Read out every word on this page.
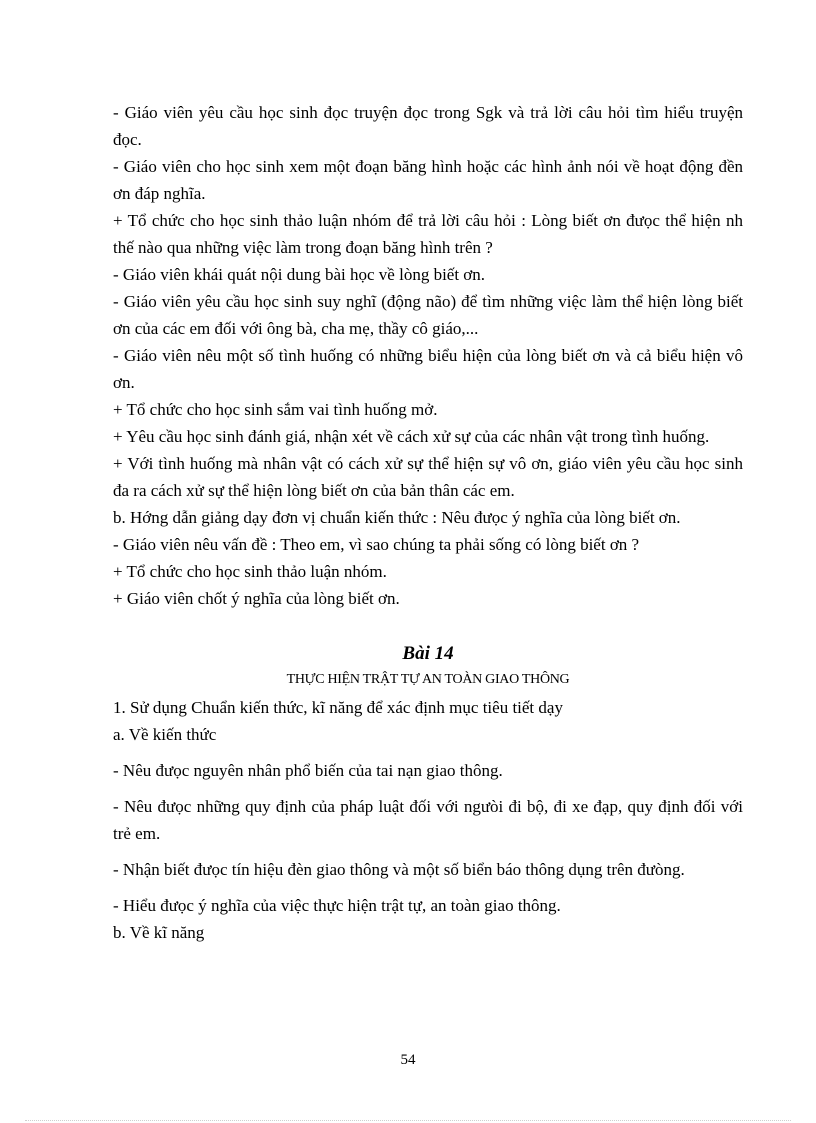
- Giáo viên yêu cầu học sinh đọc truyện đọc trong Sgk và trả lời câu hỏi tìm hiểu truyện đọc.

- Giáo viên cho học sinh xem một đoạn băng hình hoặc các hình ảnh nói về hoạt động đền ơn đáp nghĩa.

+ Tổ chức cho học sinh thảo luận nhóm để trả lời câu hỏi : Lòng biết ơn đưọc thể hiện nh thế nào qua những việc làm trong đoạn băng hình trên ?

- Giáo viên khái quát nội dung bài học về lòng biết ơn.

- Giáo viên yêu cầu học sinh suy nghĩ (động não) để tìm những việc làm thể hiện lòng biết ơn của các em đối với ông bà, cha mẹ, thầy cô giáo,...

- Giáo viên nêu một số tình huống có những biểu hiện của lòng biết ơn và cả biểu hiện vô ơn.

+ Tổ chức cho học sinh sắm vai tình huống mở.

+ Yêu cầu học sinh đánh giá, nhận xét về cách xử sự của các nhân vật trong tình huống.

+ Với tình huống mà nhân vật có cách xử sự thể hiện sự vô ơn, giáo viên yêu cầu học sinh đa ra cách xử sự thể hiện lòng biết ơn của bản thân các em.

b. Hớng dẫn giảng dạy đơn vị chuẩn kiến thức : Nêu đưọc ý nghĩa của lòng biết ơn.

- Giáo viên nêu vấn đề : Theo em, vì sao chúng ta phải sống có lòng biết ơn ?

+ Tổ chức cho học sinh thảo luận nhóm.

+ Giáo viên chốt ý nghĩa của lòng biết ơn.

Bài 14

THỰC HIỆN TRẬT TỰ AN TOÀN GIAO THÔNG

1. Sử dụng Chuẩn kiến thức, kĩ năng để xác định mục tiêu tiết dạy

a. Về kiến thức

- Nêu đưọc nguyên nhân phổ biến của tai nạn giao thông.

- Nêu đưọc những quy định của pháp luật đối với ngưòi đi bộ, đi xe đạp, quy định đối với trẻ em.

- Nhận biết đưọc tín hiệu đèn giao thông và một số biển báo thông dụng trên đưòng.

- Hiểu đưọc ý nghĩa của việc thực hiện trật tự, an toàn giao thông.

b. Về kĩ năng

54
